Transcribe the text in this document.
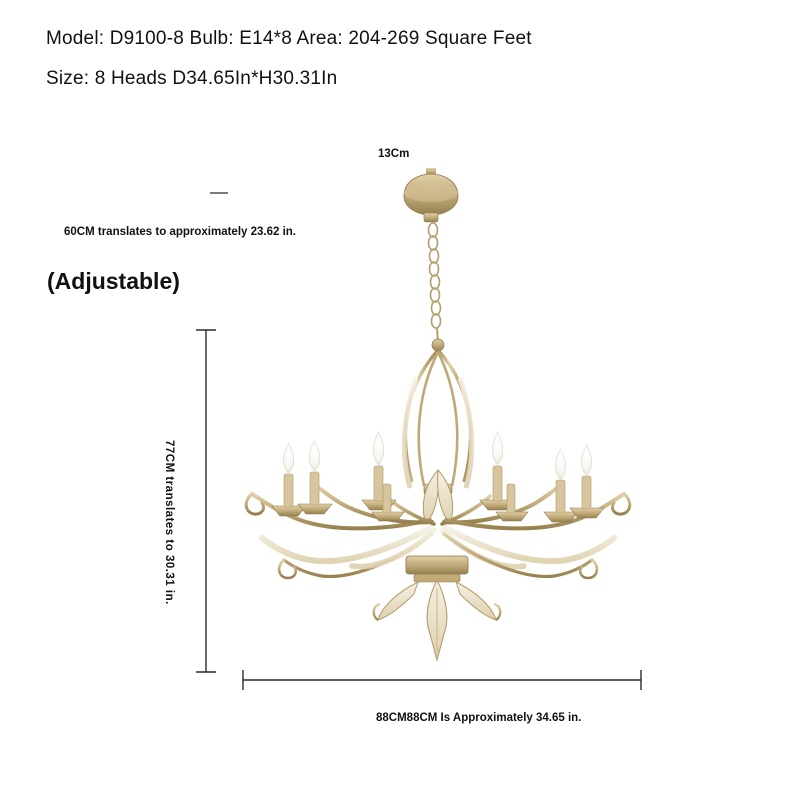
Model: D9100-8 Bulb: E14*8 Area: 204-269 Square Feet
Size: 8 Heads D34.65In*H30.31In
60CM translates to approximately 23.62 in.
(Adjustable)
13Cm
77CM translates to 30.31 in.
88CM88CM Is Approximately 34.65 in.
